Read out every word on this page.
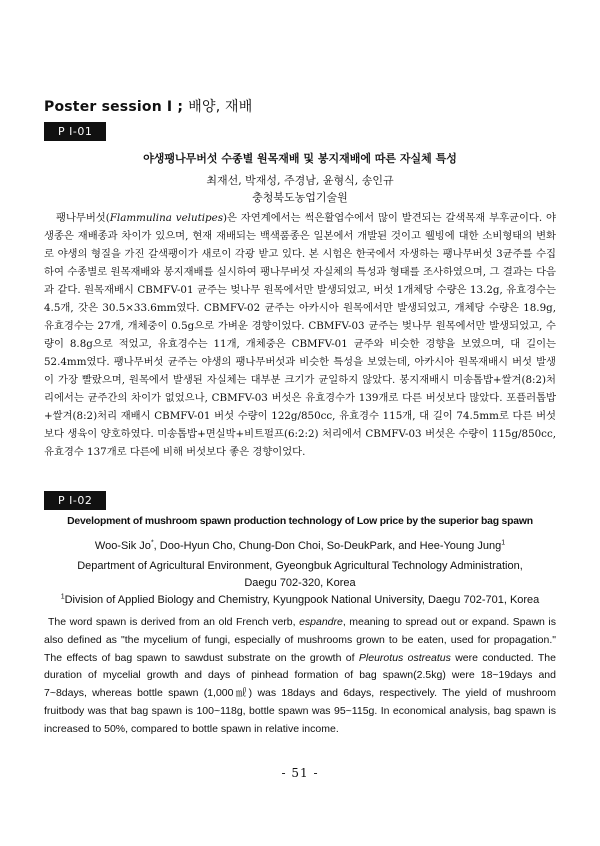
Poster session I ; 배양, 재배
P I-01
야생팽나무버섯 수종별 원목재배 및 봉지재배에 따른 자실체 특성
최재선, 박재성, 주경남, 윤형식, 송인규
충청북도농업기술원
팽나무버섯(Flammulina velutipes)은 자연계에서는 썩은활엽수에서 많이 발견되는 갈색목재 부후균이다. 야생종은 재배종과 차이가 있으며, 현재 재배되는 백색품종은 일본에서 개발된 것이고 웰빙에 대한 소비형태의 변화로 야생의 형질을 가진 갈색팽이가 새로이 각광 받고 있다. 본 시험은 한국에서 자생하는 팽나무버섯 3균주를 수집하여 수종별로 원목재배와 봉지재배를 실시하여 팽나무버섯 자실체의 특성과 형태를 조사하였으며, 그 결과는 다음과 같다. 원목재배시 CBMFV-01 균주는 벚나무 원목에서만 발생되었고, 버섯 1개체당 수량은 13.2g, 유효경수는 4.5개, 갓은 30.5×33.6mm였다. CBMFV-02 균주는 아카시아 원목에서만 발생되었고, 개체당 수량은 18.9g, 유효경수는 27개, 개체중이 0.5g으로 가벼운 경향이었다. CBMFV-03 균주는 벚나무 원목에서만 발생되었고, 수량이 8.8g으로 적었고, 유효경수는 11개, 개체중은 CBMFV-01 균주와 비슷한 경향을 보였으며, 대 길이는 52.4mm였다. 팽나무버섯 균주는 야생의 팽나무버섯과 비슷한 특성을 보였는데, 아카시아 원목재배시 버섯 발생이 가장 빨랐으며, 원목에서 발생된 자실체는 대부분 크기가 균일하지 않았다. 봉지재배시 미송톱밥+쌀겨(8:2)처리에서는 균주간의 차이가 없었으나, CBMFV-03 버섯은 유효경수가 139개로 다른 버섯보다 많았다. 포플러톱밥+쌀겨(8:2)처리 재배시 CBMFV-01 버섯 수량이 122g/850cc, 유효경수 115개, 대 길이 74.5mm로 다른 버섯보다 생육이 양호하였다. 미송톱밥+면실박+비트펄프(6:2:2) 처리에서 CBMFV-03 버섯은 수량이 115g/850cc, 유효경수 137개로 다른에 비해 버섯보다 좋은 경향이었다.
P I-02
Development of mushroom spawn production technology of Low price by the superior bag spawn
Woo-Sik Jo*, Doo-Hyun Cho, Chung-Don Choi, So-DeukPark, and Hee-Young Jung$^1$
Department of Agricultural Environment, Gyeongbuk Agricultural Technology Administration, Daegu 702-320, Korea
$^1$Division of Applied Biology and Chemistry, Kyungpook National University, Daegu 702-701, Korea
The word spawn is derived from an old French verb, espandre, meaning to spread out or expand. Spawn is also defined as "the mycelium of fungi, especially of mushrooms grown to be eaten, used for propagation." The effects of bag spawn to sawdust substrate on the growth of Pleurotus ostreatus were conducted. The duration of mycelial growth and days of pinhead formation of bag spawn(2.5kg) were 18~19days and 7~8days, whereas bottle spawn (1,000㎖) was 18days and 6days, respectively. The yield of mushroom fruitbody was that bag spawn is 100~118g, bottle spawn was 95~115g. In economical analysis, bag spawn is increased to 50%, compared to bottle spawn in relative income.
- 51 -
